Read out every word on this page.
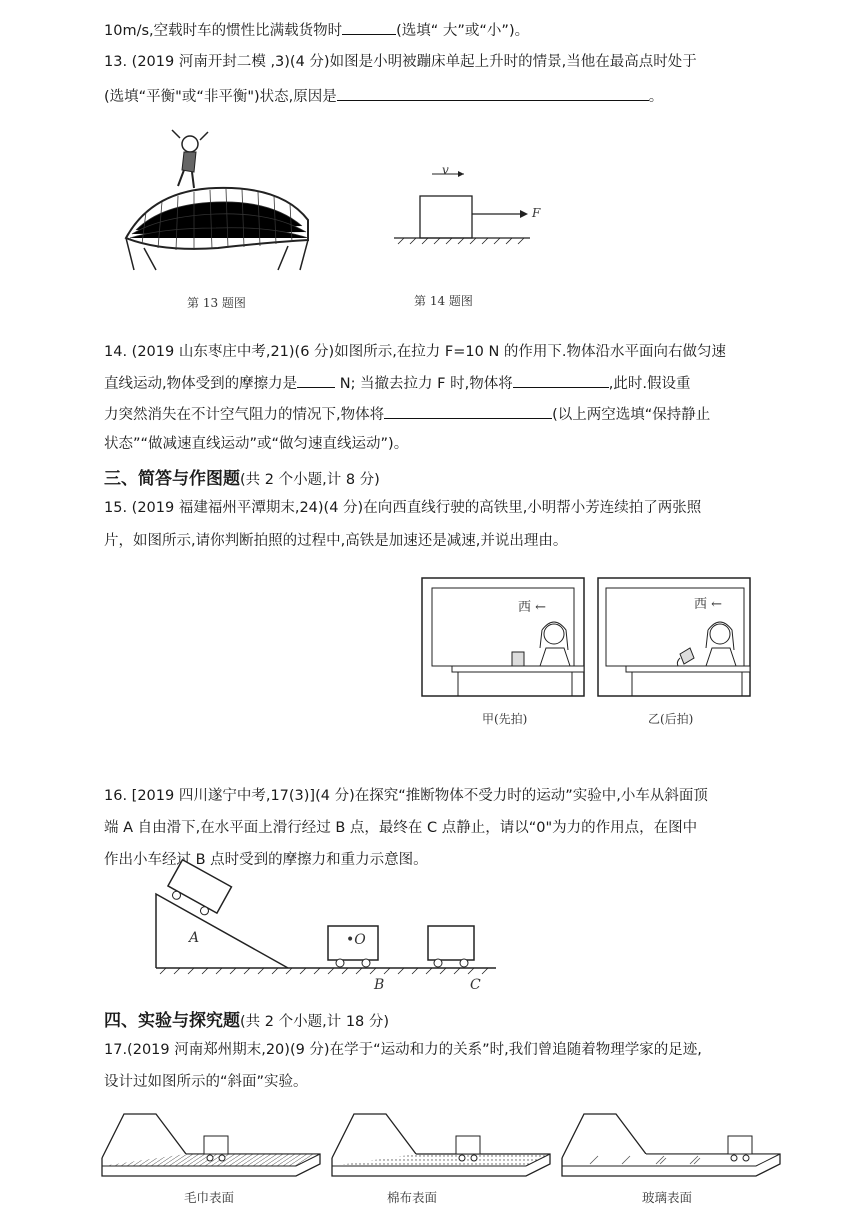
10m/s,空载时车的惯性比满载货物时	(选填“ 大”或“小”)。
13. (2019 河南开封二模 ,3)(4 分)如图是小明被蹦床单起上升时的情景,当他在最高点时处于
(选填“平衡"或“非平衡")状态,原因是	。
第 13 题图
v
F
第 14 题图
14. (2019 山东枣庄中考,21)(6 分)如图所示,在拉力 F=10 N 的作用下.物体沿水平面向右做匀速
直线运动,物体受到的摩擦力是	N; 当撤去拉力 F 时,物体将	,此时.假设重
力突然消失在不计空气阻力的情况下,物体将	(以上两空选填“保持静止
状态”“做减速直线运动”或“做匀速直线运动”)。
三、简答与作图题(共 2 个小题,计 8 分)
15. (2019 福建福州平潭期末,24)(4 分)在向西直线行驶的高铁里,小明帮小芳连续拍了两张照
片，如图所示,请你判断拍照的过程中,高铁是加速还是减速,并说出理由。
西 ←	西 ←
甲(先拍)	乙(后拍)
16. [2019 四川遂宁中考,17(3)](4 分)在探究“推断物体不受力时的运动”实验中,小车从斜面顶
端 A 自由滑下,在水平面上滑行经过 B 点，最终在 C 点静止，请以“0"为力的作用点，在图中
作出小车经过 B 点时受到的摩擦力和重力示意图。
A	•O
B	C
四、实验与探究题(共 2 个小题,计 18 分)
17.(2019 河南郑州期末,20)(9 分)在学于“运动和力的关系”时,我们曾追随着物理学家的足迹,
设计过如图所示的“斜面”实验。
毛巾表面	棉布表面	玻璃表面
